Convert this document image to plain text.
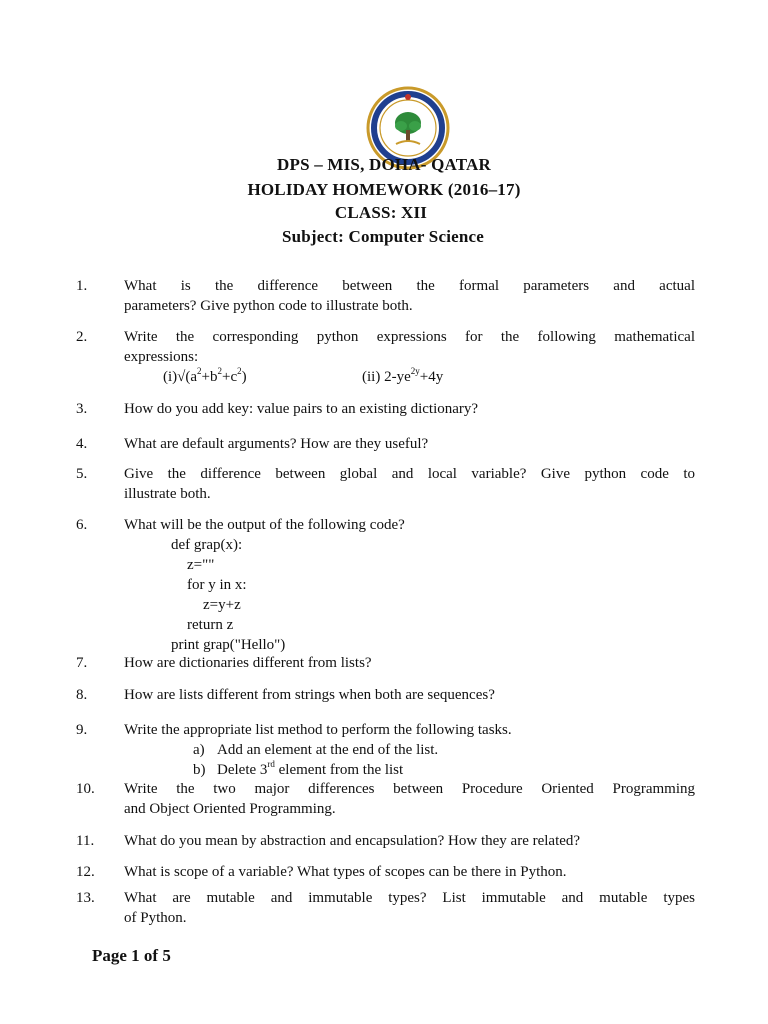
DPS – MIS, DOHA- QATAR
HOLIDAY HOMEWORK (2016–17)
CLASS: XII
Subject: Computer Science
1. What is the difference between the formal parameters and actual
parameters? Give python code to illustrate both.
2. Write the corresponding python expressions for the following mathematical
expressions:
$(i)√(a^2+b^2+c^2)$	(ii) $2-ye^{2y}+4y$
3. How do you add key: value pairs to an existing dictionary?
4. What are default arguments? How are they useful?
5. Give the difference between global and local variable? Give python code to
illustrate both.
6. What will be the output of the following code?
def grap(x):
z=""
for y in x:
z=y+z
return z
print grap("Hello")
7. How are dictionaries different from lists?
8. How are lists different from strings when both are sequences?
9. Write the appropriate list method to perform the following tasks.
a) Add an element at the end of the list.
b) Delete 3rd element from the list
10. Write the two major differences between Procedure Oriented Programming
and Object Oriented Programming.
11. What do you mean by abstraction and encapsulation? How they are related?
12. What is scope of a variable? What types of scopes can be there in Python.
13. What are mutable and immutable types? List immutable and mutable types
of Python.
Page 1 of 5
